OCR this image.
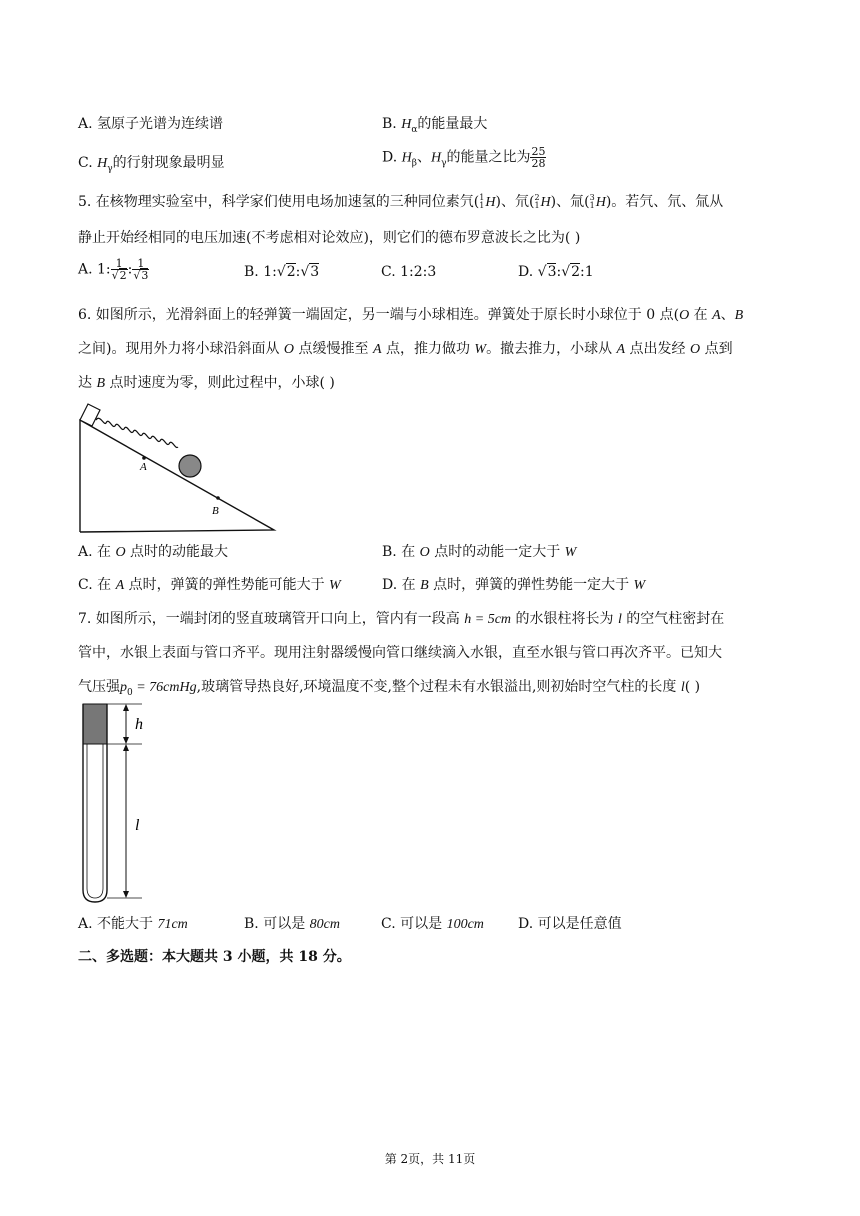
A. 氢原子光谱为连续谱	B. $H_\alpha$的能量最大
C. $H_\gamma$的行射现象最明显	D. $H_\beta$、$H_\gamma$的能量之比为 $\frac{25}{28}$
5. 在核物理实验室中，科学家们使用电场加速氢的三种同位素氕( 1
1 H)、氘( 2
1 H)、氚( 3
1 H)。若氕、氘、氚从
静止开始经相同的电压加速(不考虑相对论效应)，则它们的德布罗意波长之比为( )
A. 1: $\frac{1}{√2}$ : $\frac{1}{√3}$	B. 1:√2:√3	C. 1:2:3	D. √3:√2:1
6. 如图所示，光滑斜面上的轻弹簧一端固定，另一端与小球相连。弹簧处于原长时小球位于 0 点(O 在 A、B
之间)。现用外力将小球沿斜面从 O 点缓慢推至 A 点，推力做功 W。撤去推力，小球从 A 点出发经 O 点到
达 B 点时速度为零，则此过程中，小球( )
A
B
A. 在 O 点时的动能最大	B. 在 O 点时的动能一定大于 W
C. 在 A 点时，弹簧的弹性势能可能大于 W	D. 在 B 点时，弹簧的弹性势能一定大于 W
7. 如图所示，一端封闭的竖直玻璃管开口向上，管内有一段高 h = 5cm 的水银柱将长为 l 的空气柱密封在
管中，水银上表面与管口齐平。现用注射器缓慢向管口继续滴入水银，直至水银与管口再次齐平。已知大
气压强$p_0$ = 76cmHg,玻璃管导热良好,环境温度不变,整个过程未有水银溢出,则初始时空气柱的长度 l( )
h
l
A. 不能大于 71cm	B. 可以是 80cm	C. 可以是 100cm D. 可以是任意值
二、多选题：本大题共 3 小题，共 18 分。
第 2页，共 11页
